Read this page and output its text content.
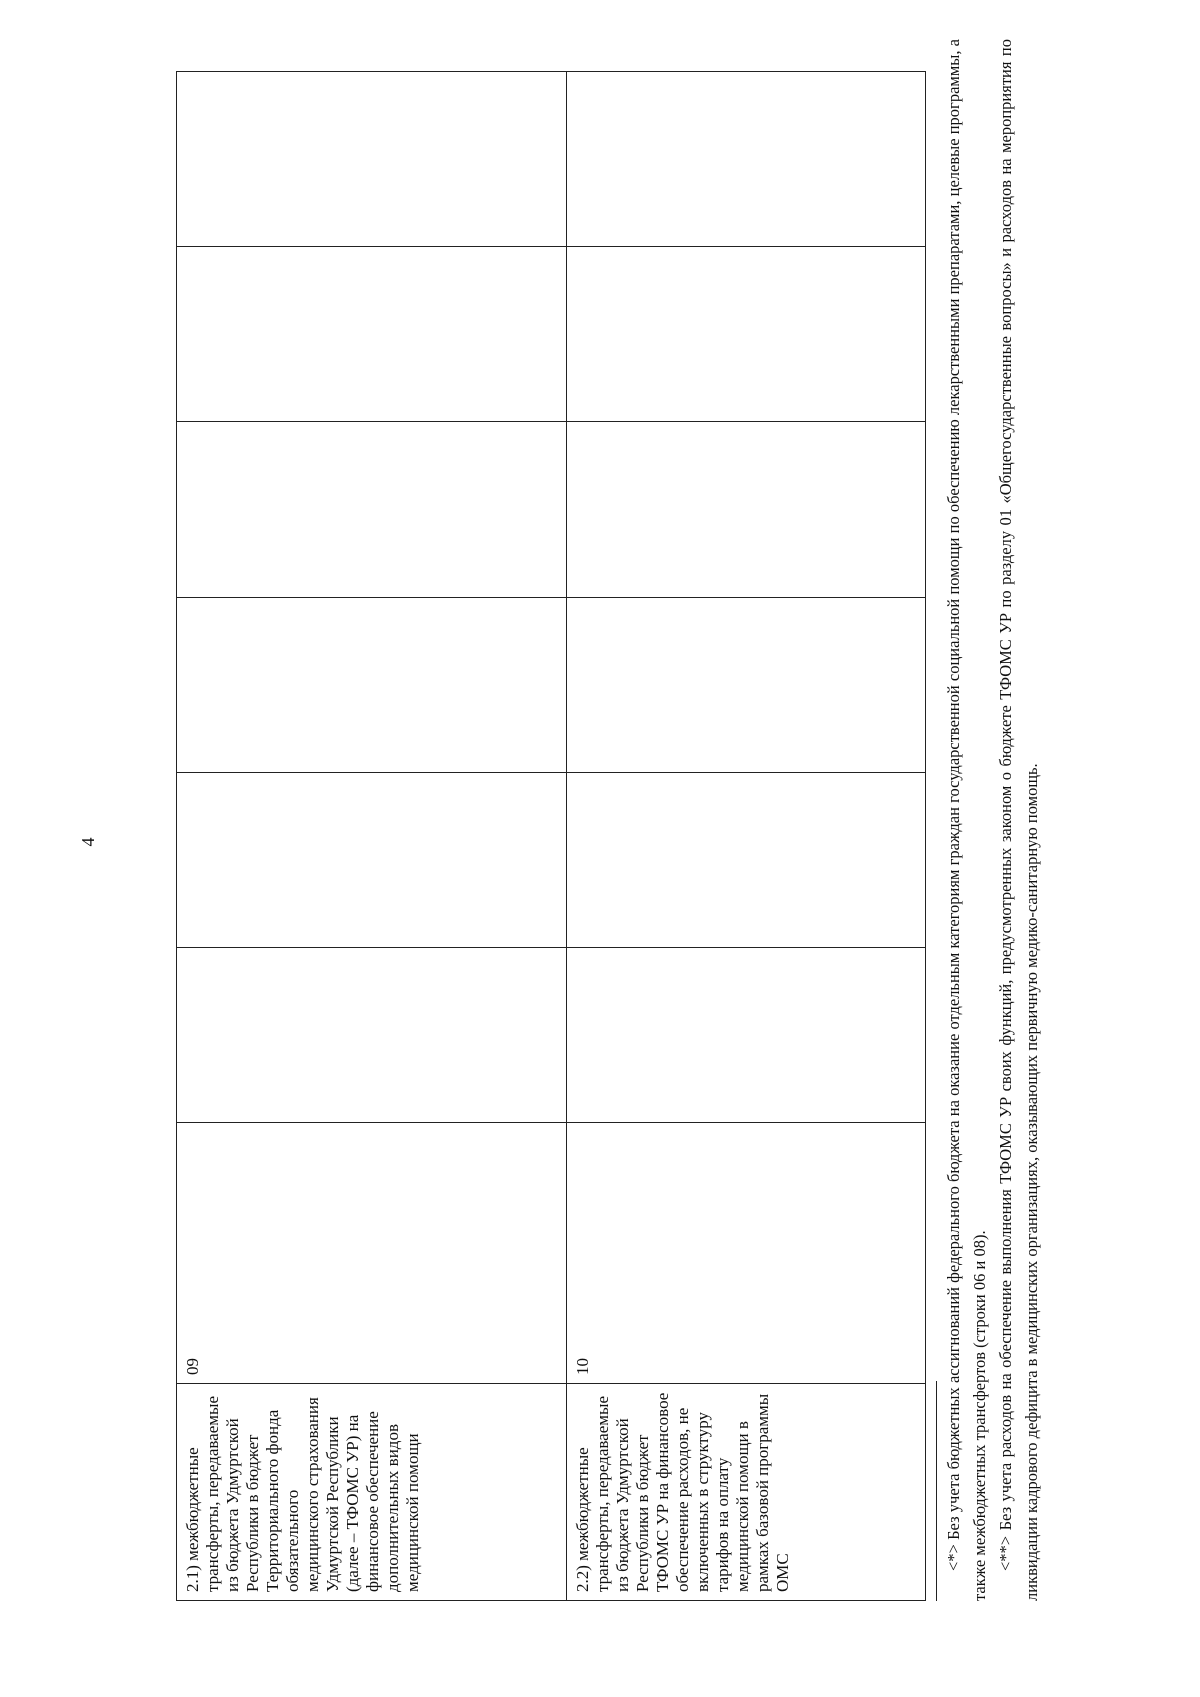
4
2.1) межбюджетные трансферты, передаваемые из бюджета Удмуртской Республики в бюджет Территориального фонда обязательного медицинского страхования Удмуртской Республики (далее – ТФОМС УР) на финансовое обеспечение дополнительных видов медицинской помощи	09						

2.2) межбюджетные трансферты, передаваемые из бюджета Удмуртской Республики в бюджет ТФОМС УР на финансовое обеспечение расходов, не включенных в структуру тарифов на оплату медицинской помощи в рамках базовой программы ОМС	10						

<*> Без учета бюджетных ассигнований федерального бюджета на оказание отдельным категориям граждан государственной социальной помощи по обеспечению лекарственными препаратами, целевые программы, а также межбюджетных трансфертов (строки 06 и 08). <**> Без учета расходов на обеспечение выполнения ТФОМС УР своих функций, предусмотренных законом о бюджете ТФОМС УР по разделу 01 «Общегосударственные вопросы» и расходов на мероприятия по ликвидации кадрового дефицита в медицинских организациях, оказывающих первичную медико-санитарную помощь.
